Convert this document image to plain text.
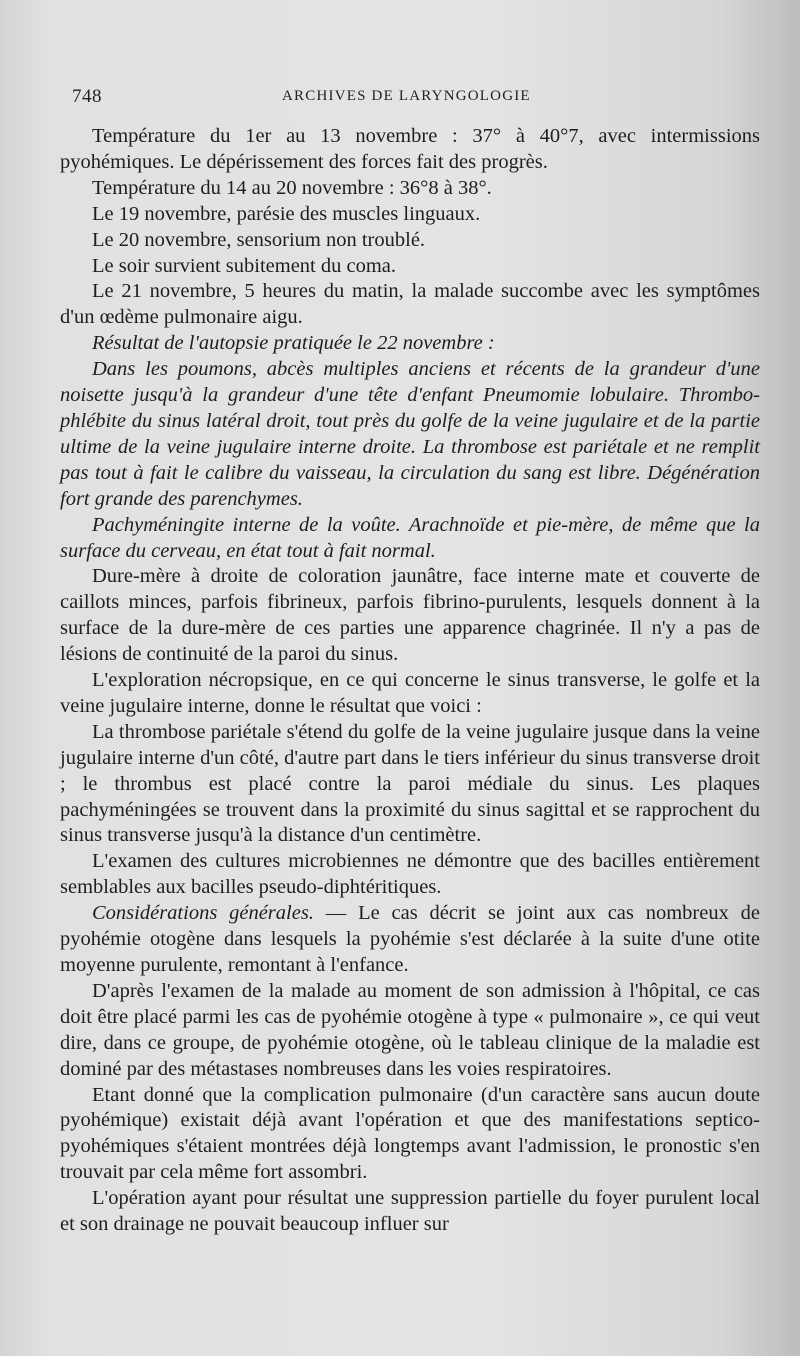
748	ARCHIVES DE LARYNGOLOGIE

Température du 1er au 13 novembre : 37° à 40°7, avec intermissions pyohémiques. Le dépérissement des forces fait des progrès.

Température du 14 au 20 novembre : 36°8 à 38°.

Le 19 novembre, parésie des muscles linguaux.

Le 20 novembre, sensorium non troublé.

Le soir survient subitement du coma.

Le 21 novembre, 5 heures du matin, la malade succombe avec les symptômes d'un œdème pulmonaire aigu.

Résultat de l'autopsie pratiquée le 22 novembre :

Dans les poumons, abcès multiples anciens et récents de la grandeur d'une noisette jusqu'à la grandeur d'une tête d'enfant Pneumomie lobulaire. Thrombo-phlébite du sinus latéral droit, tout près du golfe de la veine jugulaire et de la partie ultime de la veine jugulaire interne droite. La thrombose est pariétale et ne remplit pas tout à fait le calibre du vaisseau, la circulation du sang est libre. Dégénération fort grande des parenchymes.

Pachyméningite interne de la voûte. Arachnoïde et pie-mère, de même que la surface du cerveau, en état tout à fait normal.

Dure-mère à droite de coloration jaunâtre, face interne mate et couverte de caillots minces, parfois fibrineux, parfois fibrino-purulents, lesquels donnent à la surface de la dure-mère de ces parties une apparence chagrinée. Il n'y a pas de lésions de continuité de la paroi du sinus.

L'exploration nécropsique, en ce qui concerne le sinus transverse, le golfe et la veine jugulaire interne, donne le résultat que voici :

La thrombose pariétale s'étend du golfe de la veine jugulaire jusque dans la veine jugulaire interne d'un côté, d'autre part dans le tiers inférieur du sinus transverse droit ; le thrombus est placé contre la paroi médiale du sinus. Les plaques pachyméningées se trouvent dans la proximité du sinus sagittal et se rapprochent du sinus transverse jusqu'à la distance d'un centimètre.

L'examen des cultures microbiennes ne démontre que des bacilles entièrement semblables aux bacilles pseudo-diphtéritiques.

Considérations générales. — Le cas décrit se joint aux cas nombreux de pyohémie otogène dans lesquels la pyohémie s'est déclarée à la suite d'une otite moyenne purulente, remontant à l'enfance.

D'après l'examen de la malade au moment de son admission à l'hôpital, ce cas doit être placé parmi les cas de pyohémie otogène à type « pulmonaire », ce qui veut dire, dans ce groupe, de pyohémie otogène, où le tableau clinique de la maladie est dominé par des métastases nombreuses dans les voies respiratoires.

Etant donné que la complication pulmonaire (d'un caractère sans aucun doute pyohémique) existait déjà avant l'opération et que des manifestations septico-pyohémiques s'étaient montrées déjà longtemps avant l'admission, le pronostic s'en trouvait par cela même fort assombri.

L'opération ayant pour résultat une suppression partielle du foyer purulent local et son drainage ne pouvait beaucoup influer sur
